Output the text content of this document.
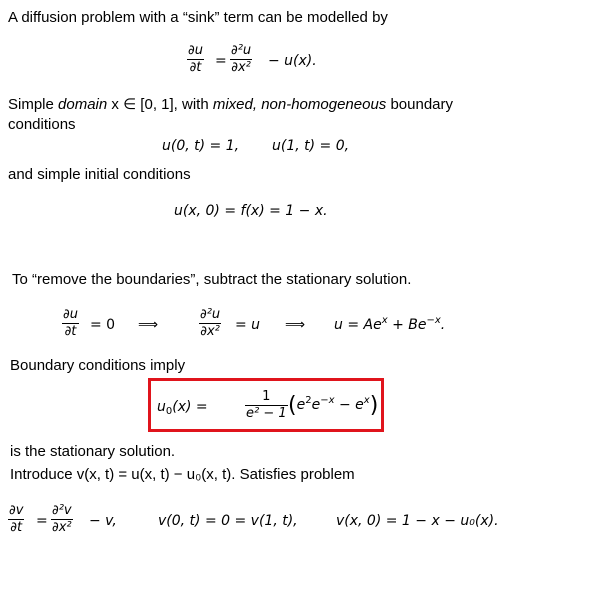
A diffusion problem with a “sink” term can be modelled by
$\frac{\partial u}{\partial t} = \frac{\text{∂²u}}{\text{∂x²}} - u(x)$.
Simple domain x ∈ [0, 1], with mixed, non-homogeneous boundary
conditions
u(0, t) = 1, u(1, t) = 0,
and simple initial conditions
u(x, 0) = f(x) = 1 − x.
To “remove the boundaries”, subtract the stationary solution.
$\frac{\partial u}{\partial t} = 0$ ⟹	$\frac{\text{∂²u}}{\text{∂x²}} = u$ ⟹ $u = Ae^x + Be^{-x}$.
Boundary conditions imply
$u_0(x)$ =	$\frac{1}{\text{e² − 1}} (e^2e^{-x} - e^x)$
is the stationary solution.
Introduce v(x, t) = u(x, t) − u₀(x, t). Satisfies problem
$\frac{\partial v}{\partial t} = \frac{\text{∂²v}}{\text{∂x²}} - v$,	v(0, t) = 0 = v(1, t),	v(x, 0) = 1 − x − u₀(x).
